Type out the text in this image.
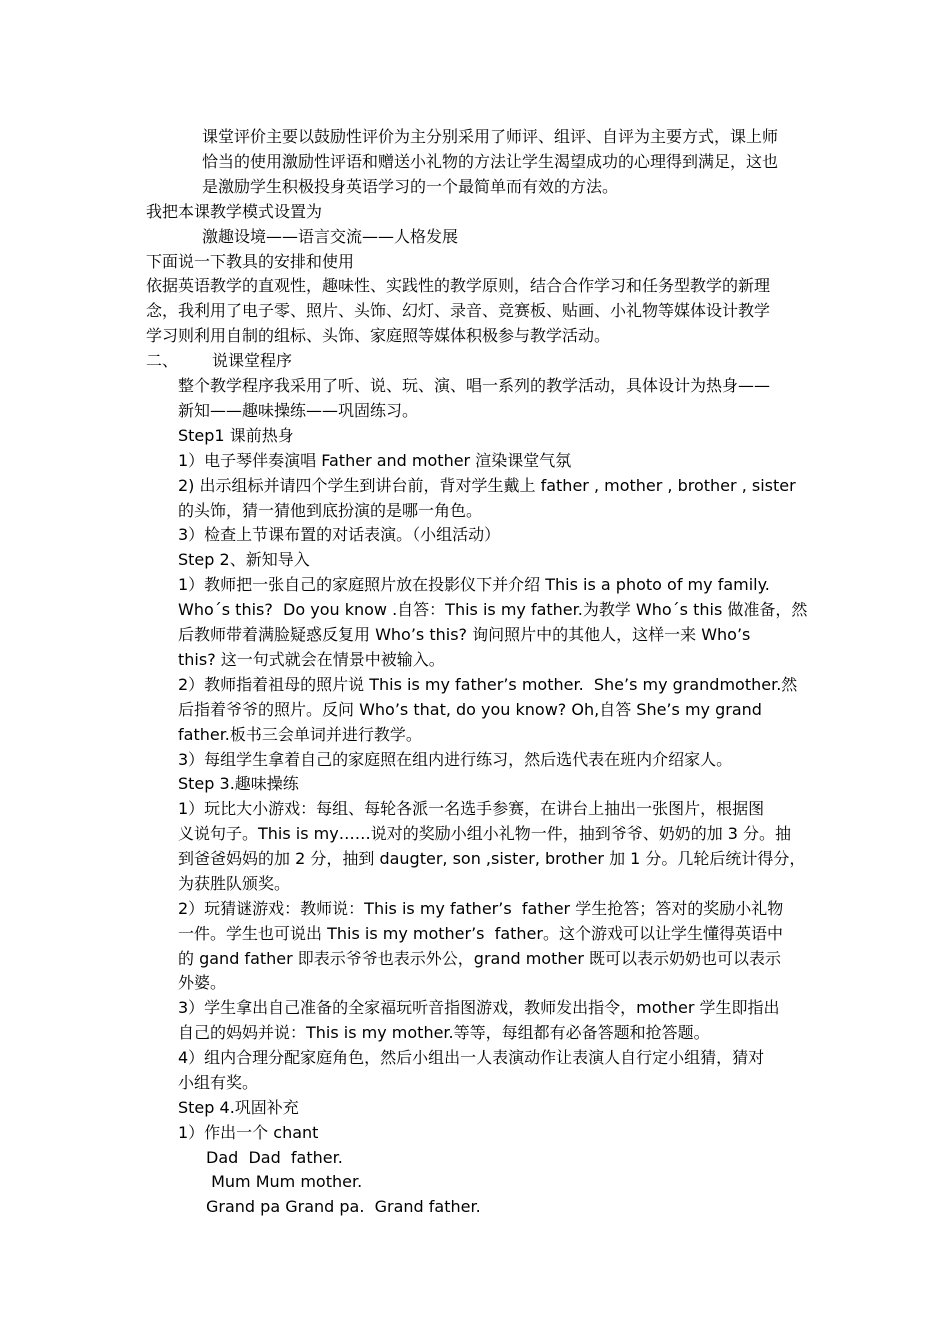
课堂评价主要以鼓励性评价为主分别采用了师评、组评、自评为主要方式，课上师

恰当的使用激励性评语和赠送小礼物的方法让学生渴望成功的心理得到满足，这也

是激励学生积极投身英语学习的一个最简单而有效的方法。

我把本课教学模式设置为

激趣设境——语言交流——人格发展

下面说一下教具的安排和使用

依据英语教学的直观性，趣味性、实践性的教学原则，结合合作学习和任务型教学的新理

念，我利用了电子零、照片、头饰、幻灯、录音、竞赛板、贴画、小礼物等媒体设计教学

学习则利用自制的组标、头饰、家庭照等媒体积极参与教学活动。

二、 说课堂程序

整个教学程序我采用了听、说、玩、演、唱一系列的教学活动，具体设计为热身——

新知——趣味操练——巩固练习。

Step1 课前热身

1）电子琴伴奏演唱 Father and mother 渲染课堂气氛

2) 出示组标并请四个学生到讲台前，背对学生戴上 father , mother , brother , sister

的头饰，猜一猜他到底扮演的是哪一角色。

3）检查上节课布置的对话表演。（小组活动）

Step 2、新知导入

1）教师把一张自己的家庭照片放在投影仪下并介绍 This is a photo of my family.

Who´s this?  Do you know .自答：This is my father.为教学 Who´s this 做准备，然

后教师带着满脸疑惑反复用 Who’s this? 询问照片中的其他人，这样一来 Who’s

this? 这一句式就会在情景中被输入。

2）教师指着祖母的照片说 This is my father’s mother.  She’s my grandmother.然

后指着爷爷的照片。反问 Who’s that, do you know? Oh,自答 She’s my grand

father.板书三会单词并进行教学。

3）每组学生拿着自己的家庭照在组内进行练习，然后选代表在班内介绍家人。

Step 3.趣味操练

1）玩比大小游戏：每组、每轮各派一名选手参赛，在讲台上抽出一张图片，根据图

义说句子。This is my……说对的奖励小组小礼物一件，抽到爷爷、奶奶的加 3 分。抽

到爸爸妈妈的加 2 分，抽到 daugter, son ,sister, brother 加 1 分。几轮后统计得分，

为获胜队颁奖。

2）玩猜谜游戏：教师说：This is my father’s  father 学生抢答；答对的奖励小礼物

一件。学生也可说出 This is my mother’s  father。这个游戏可以让学生懂得英语中

的 gand father 即表示爷爷也表示外公，grand mother 既可以表示奶奶也可以表示

外婆。

3）学生拿出自己准备的全家福玩听音指图游戏，教师发出指令，mother 学生即指出

自己的妈妈并说：This is my mother.等等，每组都有必备答题和抢答题。

4）组内合理分配家庭角色，然后小组出一人表演动作让表演人自行定小组猜，猜对

小组有奖。

Step 4.巩固补充

1）作出一个 chant

Dad  Dad  father.

Mum Mum mother.

Grand pa Grand pa.  Grand father.
